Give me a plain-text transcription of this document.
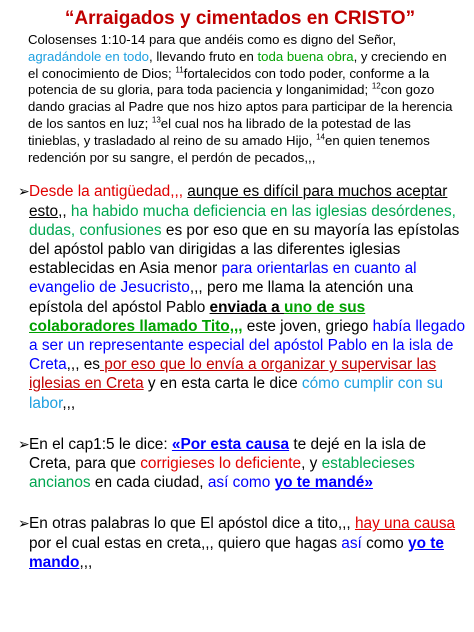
“Arraigados y cimentados en CRISTO”
Colosenses 1:10-14 para que andéis como es digno del Señor, agradándole en todo, llevando fruto en toda buena obra, y creciendo en el conocimiento de Dios; $^{11}$fortalecidos con todo poder, conforme a la potencia de su gloria, para toda paciencia y longanimidad; $^{12}$con gozo dando gracias al Padre que nos hizo aptos para participar de la herencia de los santos en luz; $^{13}$el cual nos ha librado de la potestad de las tinieblas, y trasladado al reino de su amado Hijo, $^{14}$en quien tenemos redención por su sangre, el perdón de pecados,,,
➢ Desde la antigüedad,,, aunque es difícil para muchos aceptar esto,, ha habido mucha deficiencia en las iglesias desórdenes, dudas, confusiones es por eso que en su mayoría las epístolas del apóstol pablo van dirigidas a las diferentes iglesias establecidas en Asia menor para orientarlas en cuanto al evangelio de Jesucristo,,, pero me llama la atención una epístola del apóstol Pablo enviada a uno de sus colaboradores llamado Tito,,, este joven, griego había llegado a ser un representante especial del apóstol Pablo en la isla de Creta,,, es por eso que lo envía a organizar y supervisar las iglesias en Creta y en esta carta le dice cómo cumplir con su labor,,,
➢ En el cap1:5 le dice: «Por esta causa te dejé en la isla de Creta, para que corrigieses lo deficiente, y establecieses ancianos en cada ciudad, así como yo te mandé»
➢ En otras palabras lo que El apóstol dice a tito,,, hay una causa por el cual estas en creta,,, quiero que hagas así como yo te mando,,,
